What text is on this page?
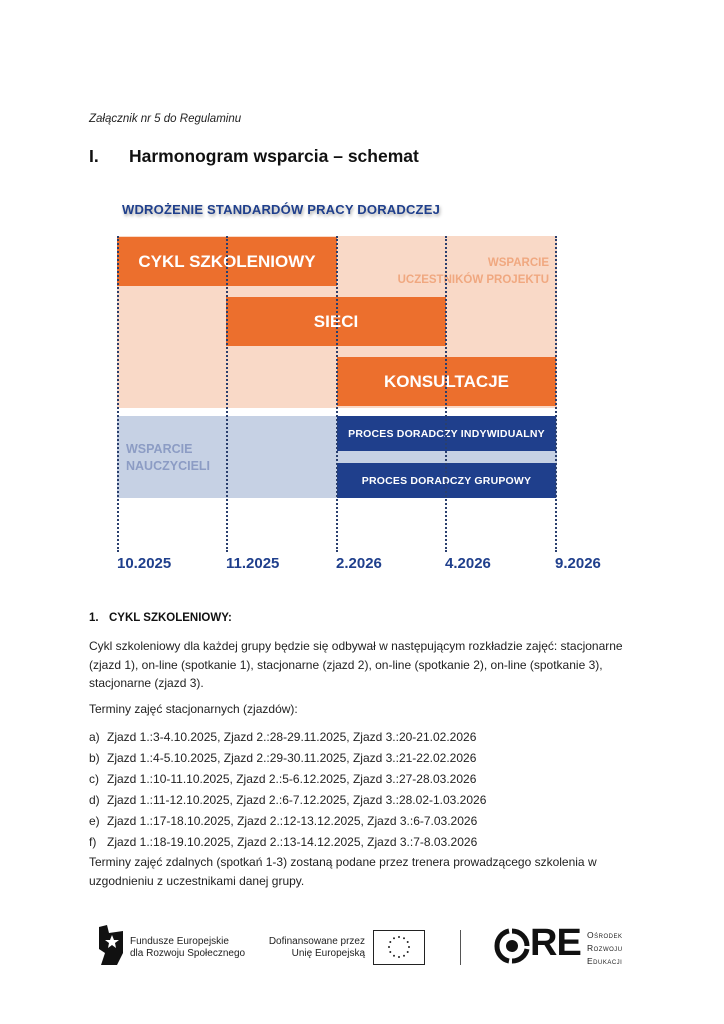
Załącznik nr 5 do Regulaminu
I. Harmonogram wsparcia – schemat
WDROŻENIE STANDARDÓW PRACY DORADCZEJ
WSPARCIE
UCZESTNIKÓW PROJEKTU
WSPARCIE
NAUCZYCIELI
CYKL SZKOLENIOWY
SIECI
KONSULTACJE
PROCES DORADCZY INDYWIDUALNY
PROCES DORADCZY GRUPOWY
10.2025	11.2025	2.2026	4.2026	9.2026
1. CYKL SZKOLENIOWY:
Cykl szkoleniowy dla każdej grupy będzie się odbywał w następującym rozkładzie zajęć: stacjonarne (zjazd 1), on-line (spotkanie 1), stacjonarne (zjazd 2), on-line (spotkanie 2), on-line (spotkanie 3), stacjonarne (zjazd 3).
Terminy zajęć stacjonarnych (zjazdów):
a) Zjazd 1.:3-4.10.2025, Zjazd 2.:28-29.11.2025, Zjazd 3.:20-21.02.2026
b) Zjazd 1.:4-5.10.2025, Zjazd 2.:29-30.11.2025, Zjazd 3.:21-22.02.2026
c) Zjazd 1.:10-11.10.2025, Zjazd 2.:5-6.12.2025, Zjazd 3.:27-28.03.2026
d) Zjazd 1.:11-12.10.2025, Zjazd 2.:6-7.12.2025, Zjazd 3.:28.02-1.03.2026
e) Zjazd 1.:17-18.10.2025, Zjazd 2.:12-13.12.2025, Zjazd 3.:6-7.03.2026
f) Zjazd 1.:18-19.10.2025, Zjazd 2.:13-14.12.2025, Zjazd 3.:7-8.03.2026
Terminy zajęć zdalnych (spotkań 1-3) zostaną podane przez trenera prowadzącego szkolenia w uzgodnieniu z uczestnikami danej grupy.
Fundusze Europejskie
dla Rozwoju Społecznego
Dofinansowane przez
Unię Europejską	RE Ośrodek
Rozwoju
Edukacji
